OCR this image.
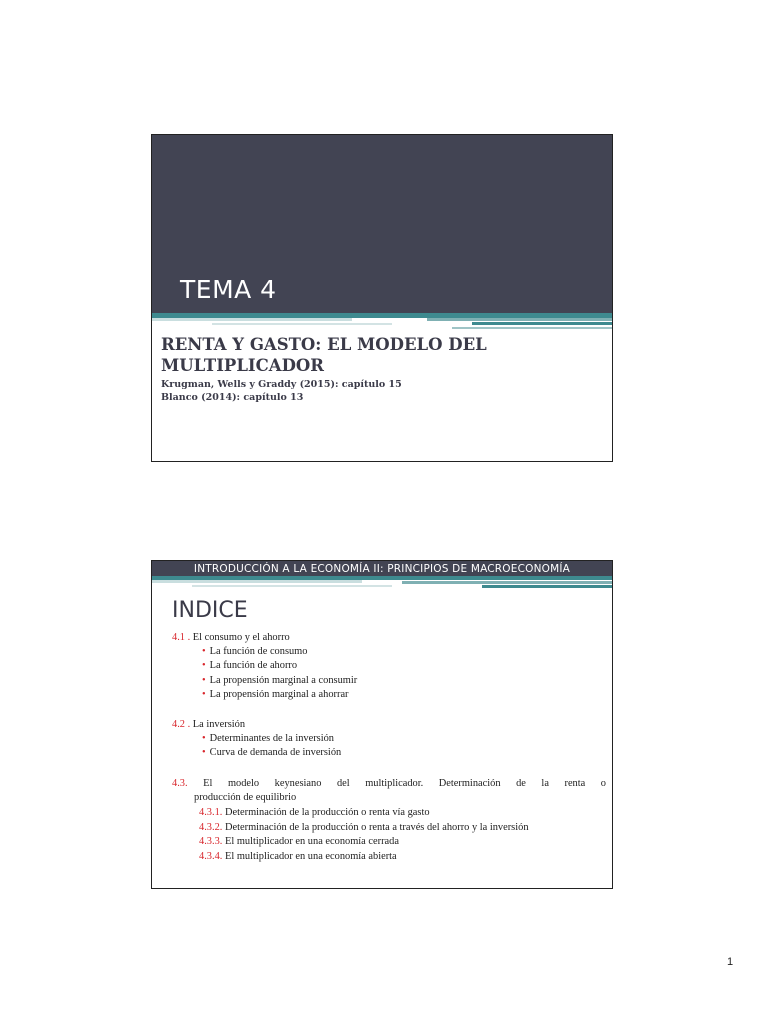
TEMA 4
RENTA Y GASTO: EL MODELO DEL
MULTIPLICADOR
Krugman, Wells y Graddy (2015): capítulo 15
Blanco (2014): capítulo 13
INTRODUCCIÓN A LA ECONOMÍA II: PRINCIPIOS DE MACROECONOMÍA
INDICE
4.1 . El consumo y el ahorro
• La función de consumo
• La función de ahorro
• La propensión marginal a consumir
• La propensión marginal a ahorrar
4.2 . La inversión
• Determinantes de la inversión
• Curva de demanda de inversión
4.3. El modelo keynesiano del multiplicador. Determinación de la renta o
producción de equilibrio
4.3.1. Determinación de la producción o renta vía gasto
4.3.2. Determinación de la producción o renta a través del ahorro y la inversión
4.3.3. El multiplicador en una economía cerrada
4.3.4. El multiplicador en una economía abierta
1
